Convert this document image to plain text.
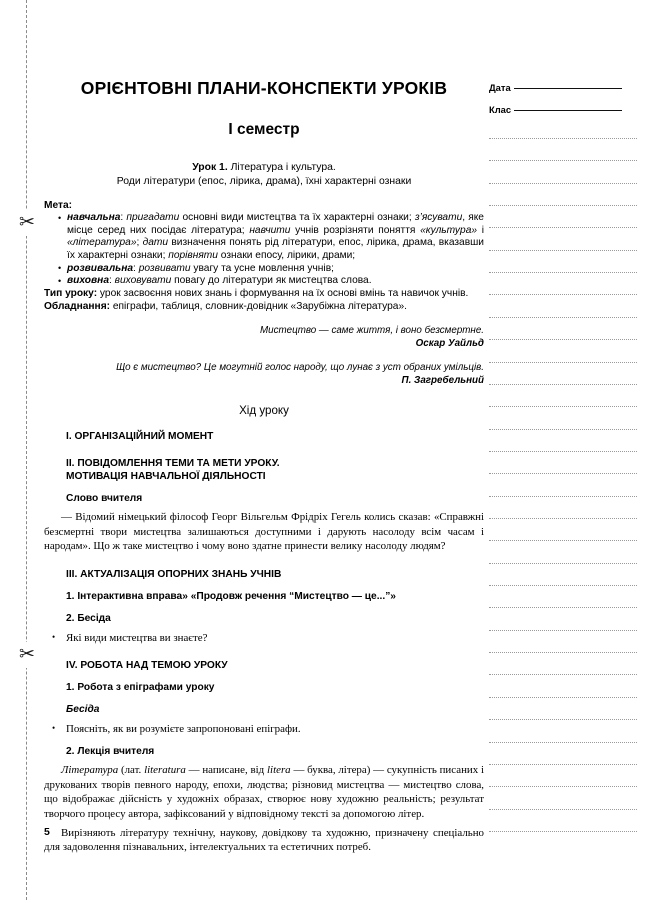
✂
✂
ОРІЄНТОВНІ ПЛАНИ-КОНСПЕКТИ УРОКІВ
I семестр
Урок 1. Література і культура.
Роди літератури (епос, лірика, драма), їхні характерні ознаки
Мета:
• навчальна: пригадати основні види мистецтва та їх характерні ознаки; з’ясувати, яке місце серед них посідає література; навчити учнів розрізняти поняття «культура» і «література»; дати визначення понять рід літератури, епос, лірика, драма, вказавши їх характерні ознаки; порівняти ознаки епосу, лірики, драми;
• розвивальна: розвивати увагу та усне мовлення учнів;
• виховна: виховувати повагу до літератури як мистецтва слова.
Тип уроку: урок засвоєння нових знань і формування на їх основі вмінь та навичок учнів.
Обладнання: епіграфи, таблиця, словник-довідник «Зарубіжна література».
Мистецтво — саме життя, і воно безсмертне.
Оскар Уайльд
Що є мистецтво? Це могутній голос народу, що лунає з уст обраних умільців.
П. Загребельний
Хід уроку
I. ОРГАНІЗАЦІЙНИЙ МОМЕНТ
II. ПОВІДОМЛЕННЯ ТЕМИ ТА МЕТИ УРОКУ.
МОТИВАЦІЯ НАВЧАЛЬНОЇ ДІЯЛЬНОСТІ
Слово вчителя
— Відомий німецький філософ Георг Вільгельм Фрідріх Гегель колись сказав: «Справжні безсмертні твори мистецтва залишаються доступними і дарують насолоду всім часам і народам». Що ж таке мистецтво і чому воно здатне принести велику насолоду людям?
III. АКТУАЛІЗАЦІЯ ОПОРНИХ ЗНАНЬ УЧНІВ
1. Інтерактивна вправа» «Продовж речення “Мистецтво — це...”»
2. Бесіда
• Які види мистецтва ви знаєте?
IV. РОБОТА НАД ТЕМОЮ УРОКУ
1. Робота з епіграфами уроку
Бесіда
• Поясніть, як ви розумієте запропоновані епіграфи.
2. Лекція вчителя
Література (лат. literatura — написане, від litera — буква, літера) — сукупність писаних і друкованих творів певного народу, епохи, людства; різновид мистецтва — мистецтво слова, що відображає дійсність у художніх образах, створює нову художню реальність; результат творчого процесу автора, зафіксований у відповідному тексті за допомогою літер.
Вирізняють літературу технічну, наукову, довідкову та художню, призначену спеціально для задоволення пізнавальних, інтелектуальних та естетичних потреб.
5
Дата
Клас
